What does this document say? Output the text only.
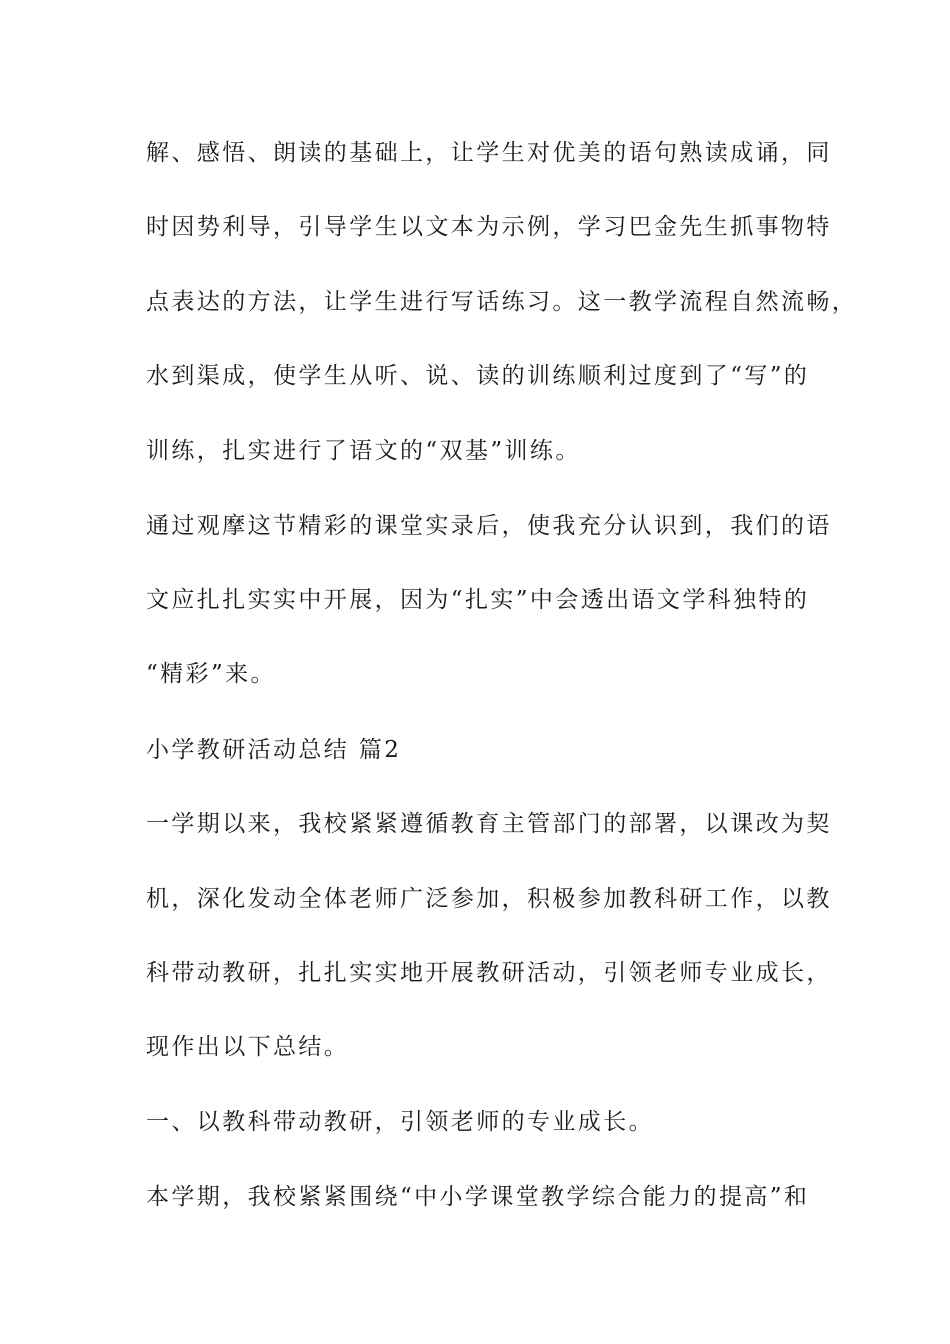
解、感悟、朗读的基础上，让学生对优美的语句熟读成诵，同
时因势利导，引导学生以文本为示例，学习巴金先生抓事物特
点表达的方法，让学生进行写话练习。这一教学流程自然流畅，
水到渠成，使学生从听、说、读的训练顺利过度到了“写”的
训练，扎实进行了语文的“双基”训练。
通过观摩这节精彩的课堂实录后，使我充分认识到，我们的语
文应扎扎实实中开展，因为“扎实”中会透出语文学科独特的
“精彩”来。
小学教研活动总结 篇2
一学期以来，我校紧紧遵循教育主管部门的部署，以课改为契
机，深化发动全体老师广泛参加，积极参加教科研工作，以教
科带动教研，扎扎实实地开展教研活动，引领老师专业成长，
现作出以下总结。
一、以教科带动教研，引领老师的专业成长。
本学期，我校紧紧围绕“中小学课堂教学综合能力的提高”和
